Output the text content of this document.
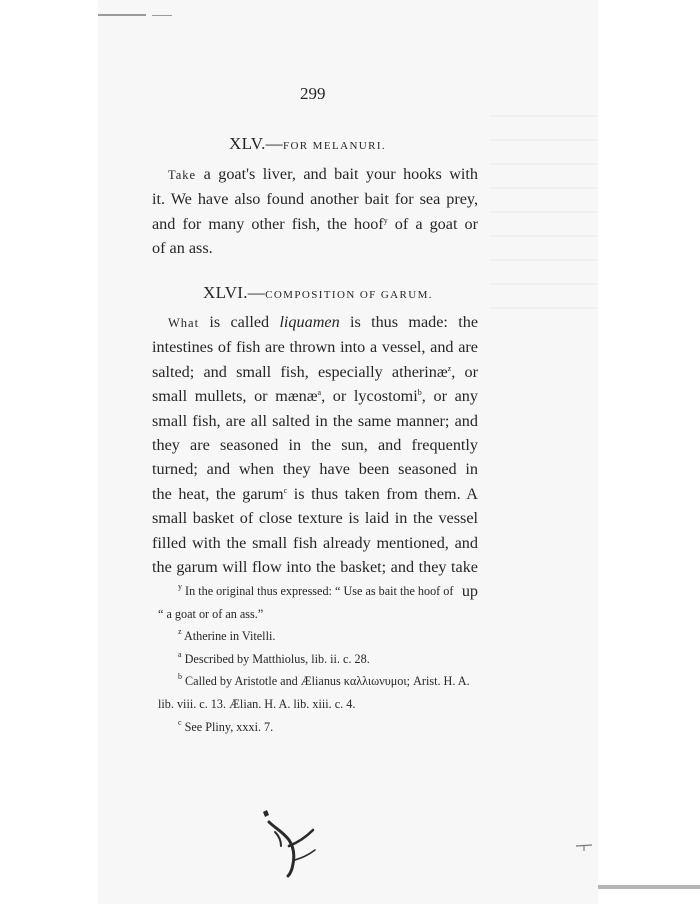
299
XLV.—FOR MELANURI.
Take a goat's liver, and bait your hooks with
it. We have also found another bait for sea prey,
and for many other fish, the hoof$^y$ of a goat or
of an ass.
XLVI.—COMPOSITION OF GARUM.
What is called liquamen is thus made: the
intestines of fish are thrown into a vessel, and are
salted; and small fish, especially atherinæ$^z$, or
small mullets, or mænæ$^a$, or lycostomi$^b$, or any
small fish, are all salted in the same manner; and
they are seasoned in the sun, and frequently
turned; and when they have been seasoned in
the heat, the garum$^c$ is thus taken from them. A
small basket of close texture is laid in the vessel
filled with the small fish already mentioned, and
the garum will flow into the basket; and they take
up
$^y$ In the original thus expressed: “ Use as bait the hoof of
“ a goat or of an ass.”
$^z$ Atherine in Vitelli.
$^a$ Described by Matthiolus, lib. ii. c. 28.
$^b$ Called by Aristotle and Ælianus καλλιωνυμοι; Arist. H. A.
lib. viii. c. 13. Ælian. H. A. lib. xiii. c. 4.
$^c$ See Pliny, xxxi. 7.
